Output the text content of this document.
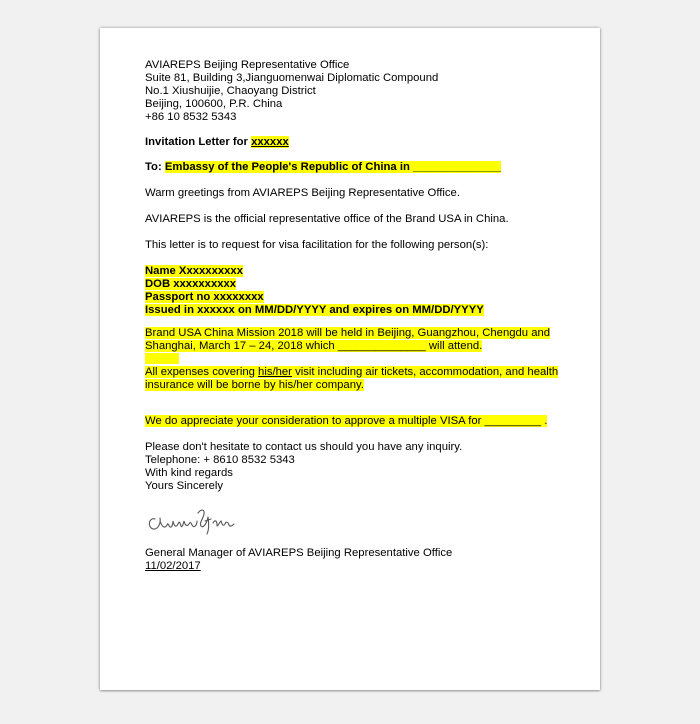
AVIAREPS Beijing Representative Office
Suite 81, Building 3,Jianguomenwai Diplomatic Compound
No.1 Xiushuijie, Chaoyang District
Beijing, 100600, P.R. China
+86 10 8532 5343
Invitation Letter for xxxxxx
To: Embassy of the People's Republic of China in ______________
Warm greetings from AVIAREPS Beijing Representative Office.
AVIAREPS is the official representative office of the Brand USA in China.
This letter is to request for visa facilitation for the following person(s):
Name Xxxxxxxxxx
DOB xxxxxxxxxx
Passport no xxxxxxxx
Issued in xxxxxx on MM/DD/YYYY and expires on MM/DD/YYYY
Brand USA China Mission 2018 will be held in Beijing, Guangzhou, Chengdu and
Shanghai, March 17 – 24, 2018 which ______________ will attend.
All expenses covering his/her visit including air tickets, accommodation, and health
insurance will be borne by his/her company.
We do appreciate your consideration to approve a multiple VISA for _________ .
Please don't hesitate to contact us should you have any inquiry.
Telephone: + 8610 8532 5343
With kind regards
Yours Sincerely
General Manager of AVIAREPS Beijing Representative Office
11/02/2017
